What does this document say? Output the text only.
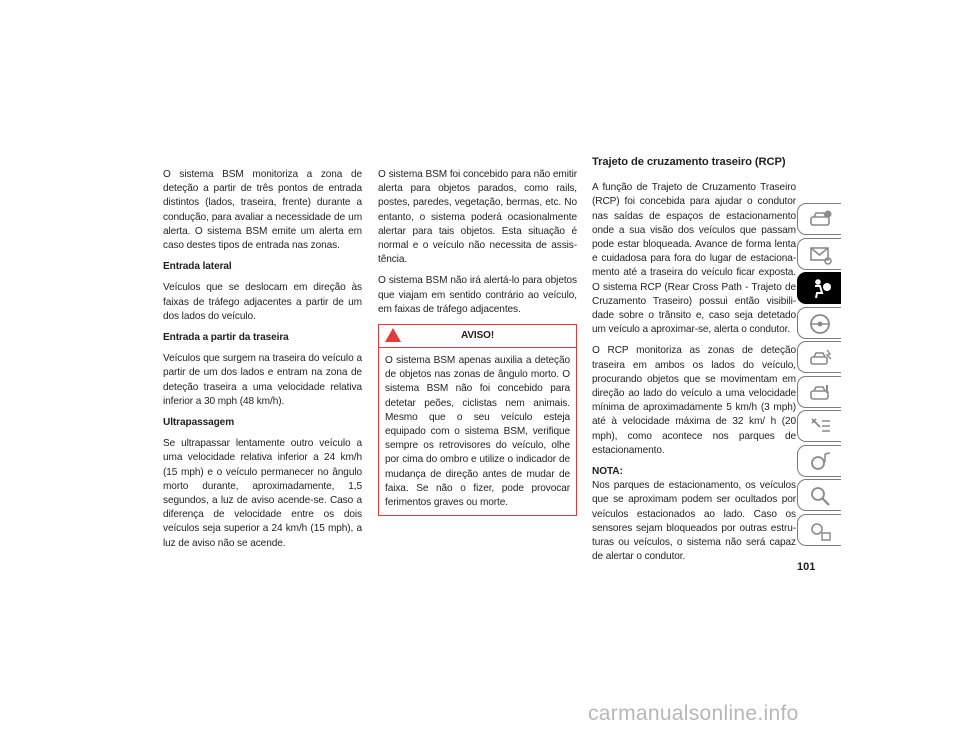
O sistema BSM monitoriza a zona de deteção a partir de três pontos de entrada distintos (lados, traseira, frente) durante a condução, para avaliar a necessidade de um alerta. O sistema BSM emite um alerta em caso destes tipos de entrada nas zonas.

Entrada lateral

Veículos que se deslocam em direção às faixas de tráfego adjacentes a partir de um dos lados do veículo.

Entrada a partir da traseira

Veículos que surgem na traseira do veículo a partir de um dos lados e entram na zona de deteção traseira a uma velocidade relativa inferior a 30 mph (48 km/h).

Ultrapassagem

Se ultrapassar lentamente outro veículo a uma velocidade relativa inferior a 24 km/h (15 mph) e o veículo permanecer no ângulo morto durante, aproximadamente, 1,5 segundos, a luz de aviso acende-se. Caso a diferença de velocidade entre os dois veículos seja superior a 24 km/h (15 mph), a luz de aviso não se acende.

O sistema BSM foi concebido para não emitir alerta para objetos parados, como rails, postes, paredes, vegetação, bermas, etc. No entanto, o sistema poderá ocasionalmente alertar para tais objetos. Esta situação é normal e o veículo não necessita de assis-tência.

O sistema BSM não irá alertá-lo para objetos que viajam em sentido contrário ao veículo, em faixas de tráfego adjacentes.

AVISO!
O sistema BSM apenas auxilia a deteção de objetos nas zonas de ângulo morto. O sistema BSM não foi concebido para detetar peões, ciclistas nem animais. Mesmo que o seu veículo esteja equipado com o sistema BSM, verifique sempre os retrovisores do veículo, olhe por cima do ombro e utilize o indicador de mudança de direção antes de mudar de faixa. Se não o fizer, pode provocar ferimentos graves ou morte.
Trajeto de cruzamento traseiro (RCP)

A função de Trajeto de Cruzamento Traseiro (RCP) foi concebida para ajudar o condutor nas saídas de espaços de estacionamento onde a sua visão dos veículos que passam pode estar bloqueada. Avance de forma lenta e cuidadosa para fora do lugar de estaciona-mento até a traseira do veículo ficar exposta. O sistema RCP (Rear Cross Path - Trajeto de Cruzamento Traseiro) possui então visibili-dade sobre o trânsito e, caso seja detetado um veículo a aproximar-se, alerta o condutor.

O RCP monitoriza as zonas de deteção traseira em ambos os lados do veículo, procurando objetos que se movimentam em direção ao lado do veículo a uma velocidade mínima de aproximadamente 5 km/h (3 mph) até à velocidade máxima de 32 km/ h (20 mph), como acontece nos parques de estacionamento.

NOTA:
Nos parques de estacionamento, os veículos que se aproximam podem ser ocultados por veículos estacionados ao lado. Caso os sensores sejam bloqueados por outras estru-turas ou veículos, o sistema não será capaz de alertar o condutor.

101
carmanualsonline.info
